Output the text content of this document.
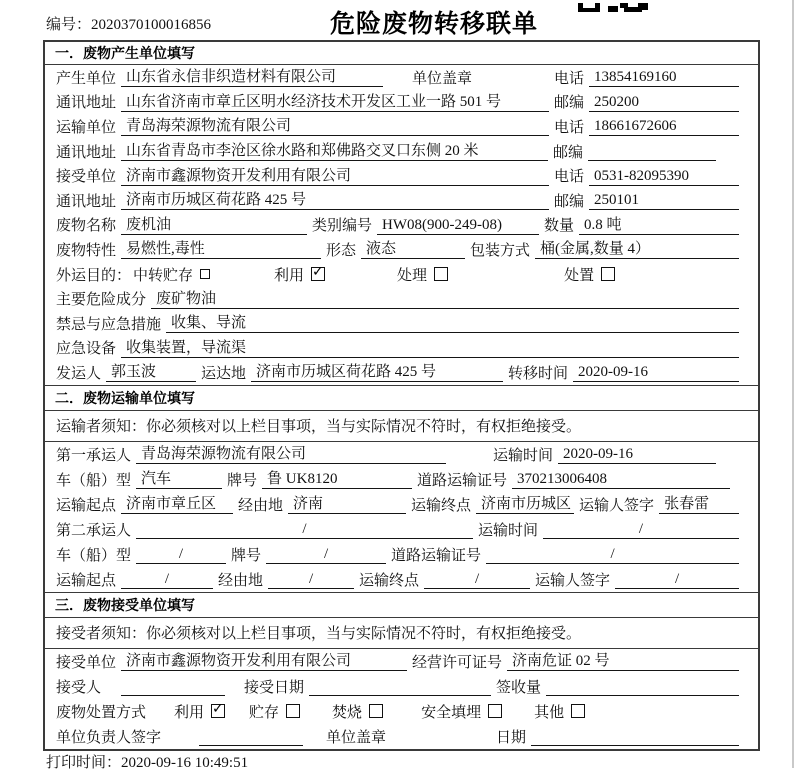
编号：2020370100016856	危险废物转移联单
一．废物产生单位填写
产生单位 山东省永信非织造材料有限公司	单位盖章	电话 13854169160
通讯地址 山东省济南市章丘区明水经济技术开发区工业一路 501 号	邮编 250200
运输单位 青岛海荣源物流有限公司	电话 18661672606
通讯地址 山东省青岛市李沧区徐水路和郑佛路交叉口东侧 20 米	邮编
接受单位 济南市鑫源物资开发利用有限公司	电话 0531-82095390
通讯地址 济南市历城区荷花路 425 号	邮编 250101
废物名称 废机油	类别编号 HW08(900-249-08)	数量 0.8 吨
废物特性 易燃性,毒性	形态 液态	包装方式 桶(金属,数量 4）
外运目的： 中转贮存	利用 ✓	处理	处置
主要危险成分 废矿物油
禁忌与应急措施 收集、导流
应急设备 收集装置，导流渠
发运人 郭玉波	运达地 济南市历城区荷花路 425 号	转移时间 2020-09-16
二．废物运输单位填写
运输者须知：你必须核对以上栏目事项，当与实际情况不符时，有权拒绝接受。
第一承运人 青岛海荣源物流有限公司	运输时间 2020-09-16
车（船）型 汽车	牌号 鲁 UK8120	道路运输证号 370213006408
运输起点 济南市章丘区	经由地 济南	运输终点 济南市历城区 运输人签字 张春雷
第二承运人	/	运输时间	/
车（船）型	/	牌号	/	道路运输证号	/
运输起点	/	经由地	/	运输终点	/	运输人签字	/
三．废物接受单位填写
接受者须知：你必须核对以上栏目事项，当与实际情况不符时，有权拒绝接受。
接受单位 济南市鑫源物资开发利用有限公司	经营许可证号 济南危证 02 号
接受人	接受日期	签收量
废物处置方式 利用 ✓	贮存	焚烧	安全填埋	其他
单位负责人签字	单位盖章	日期
打印时间：2020-09-16 10:49:51
